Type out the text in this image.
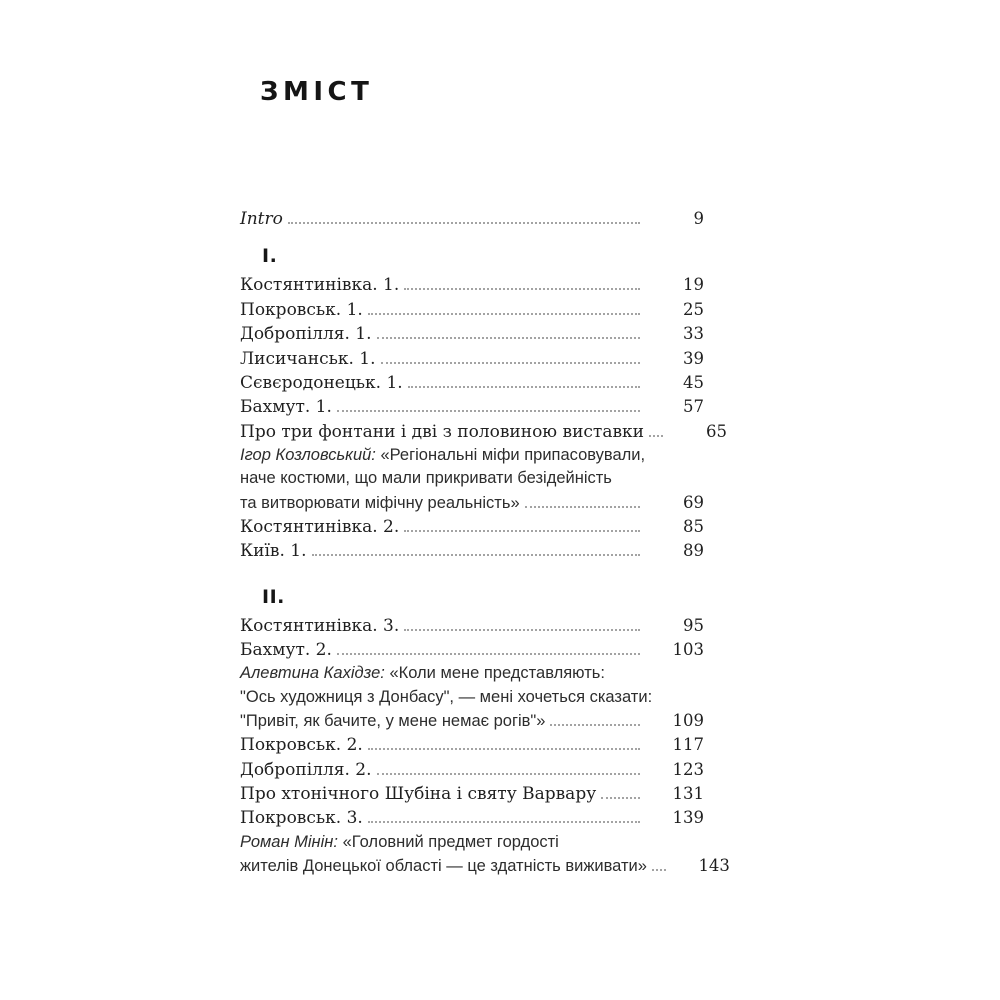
ЗМІСТ
Intro	9
I.
Костянтинівка. 1.	19
Покровськ. 1.	25
Добропілля. 1.	33
Лисичанськ. 1.	39
Сєвєродонецьк. 1.	45
Бахмут. 1.	57
Про три фонтани і дві з половиною виставки	65
Ігор Козловський: «Регіональні міфи припасовували,
наче костюми, що мали прикривати безідейність
та витворювати міфічну реальність»	69
Костянтинівка. 2.	85
Київ. 1.	89
II.
Костянтинівка. 3.	95
Бахмут. 2.	103
Алевтина Кахідзе: «Коли мене представляють:
"Ось художниця з Донбасу", — мені хочеться сказати:
"Привіт, як бачите, у мене немає рогів"»	109
Покровськ. 2.	117
Добропілля. 2.	123
Про хтонічного Шубіна і святу Варвару	131
Покровськ. 3.	139
Роман Мінін: «Головний предмет гордості
жителів Донецької області — це здатність виживати»	143
